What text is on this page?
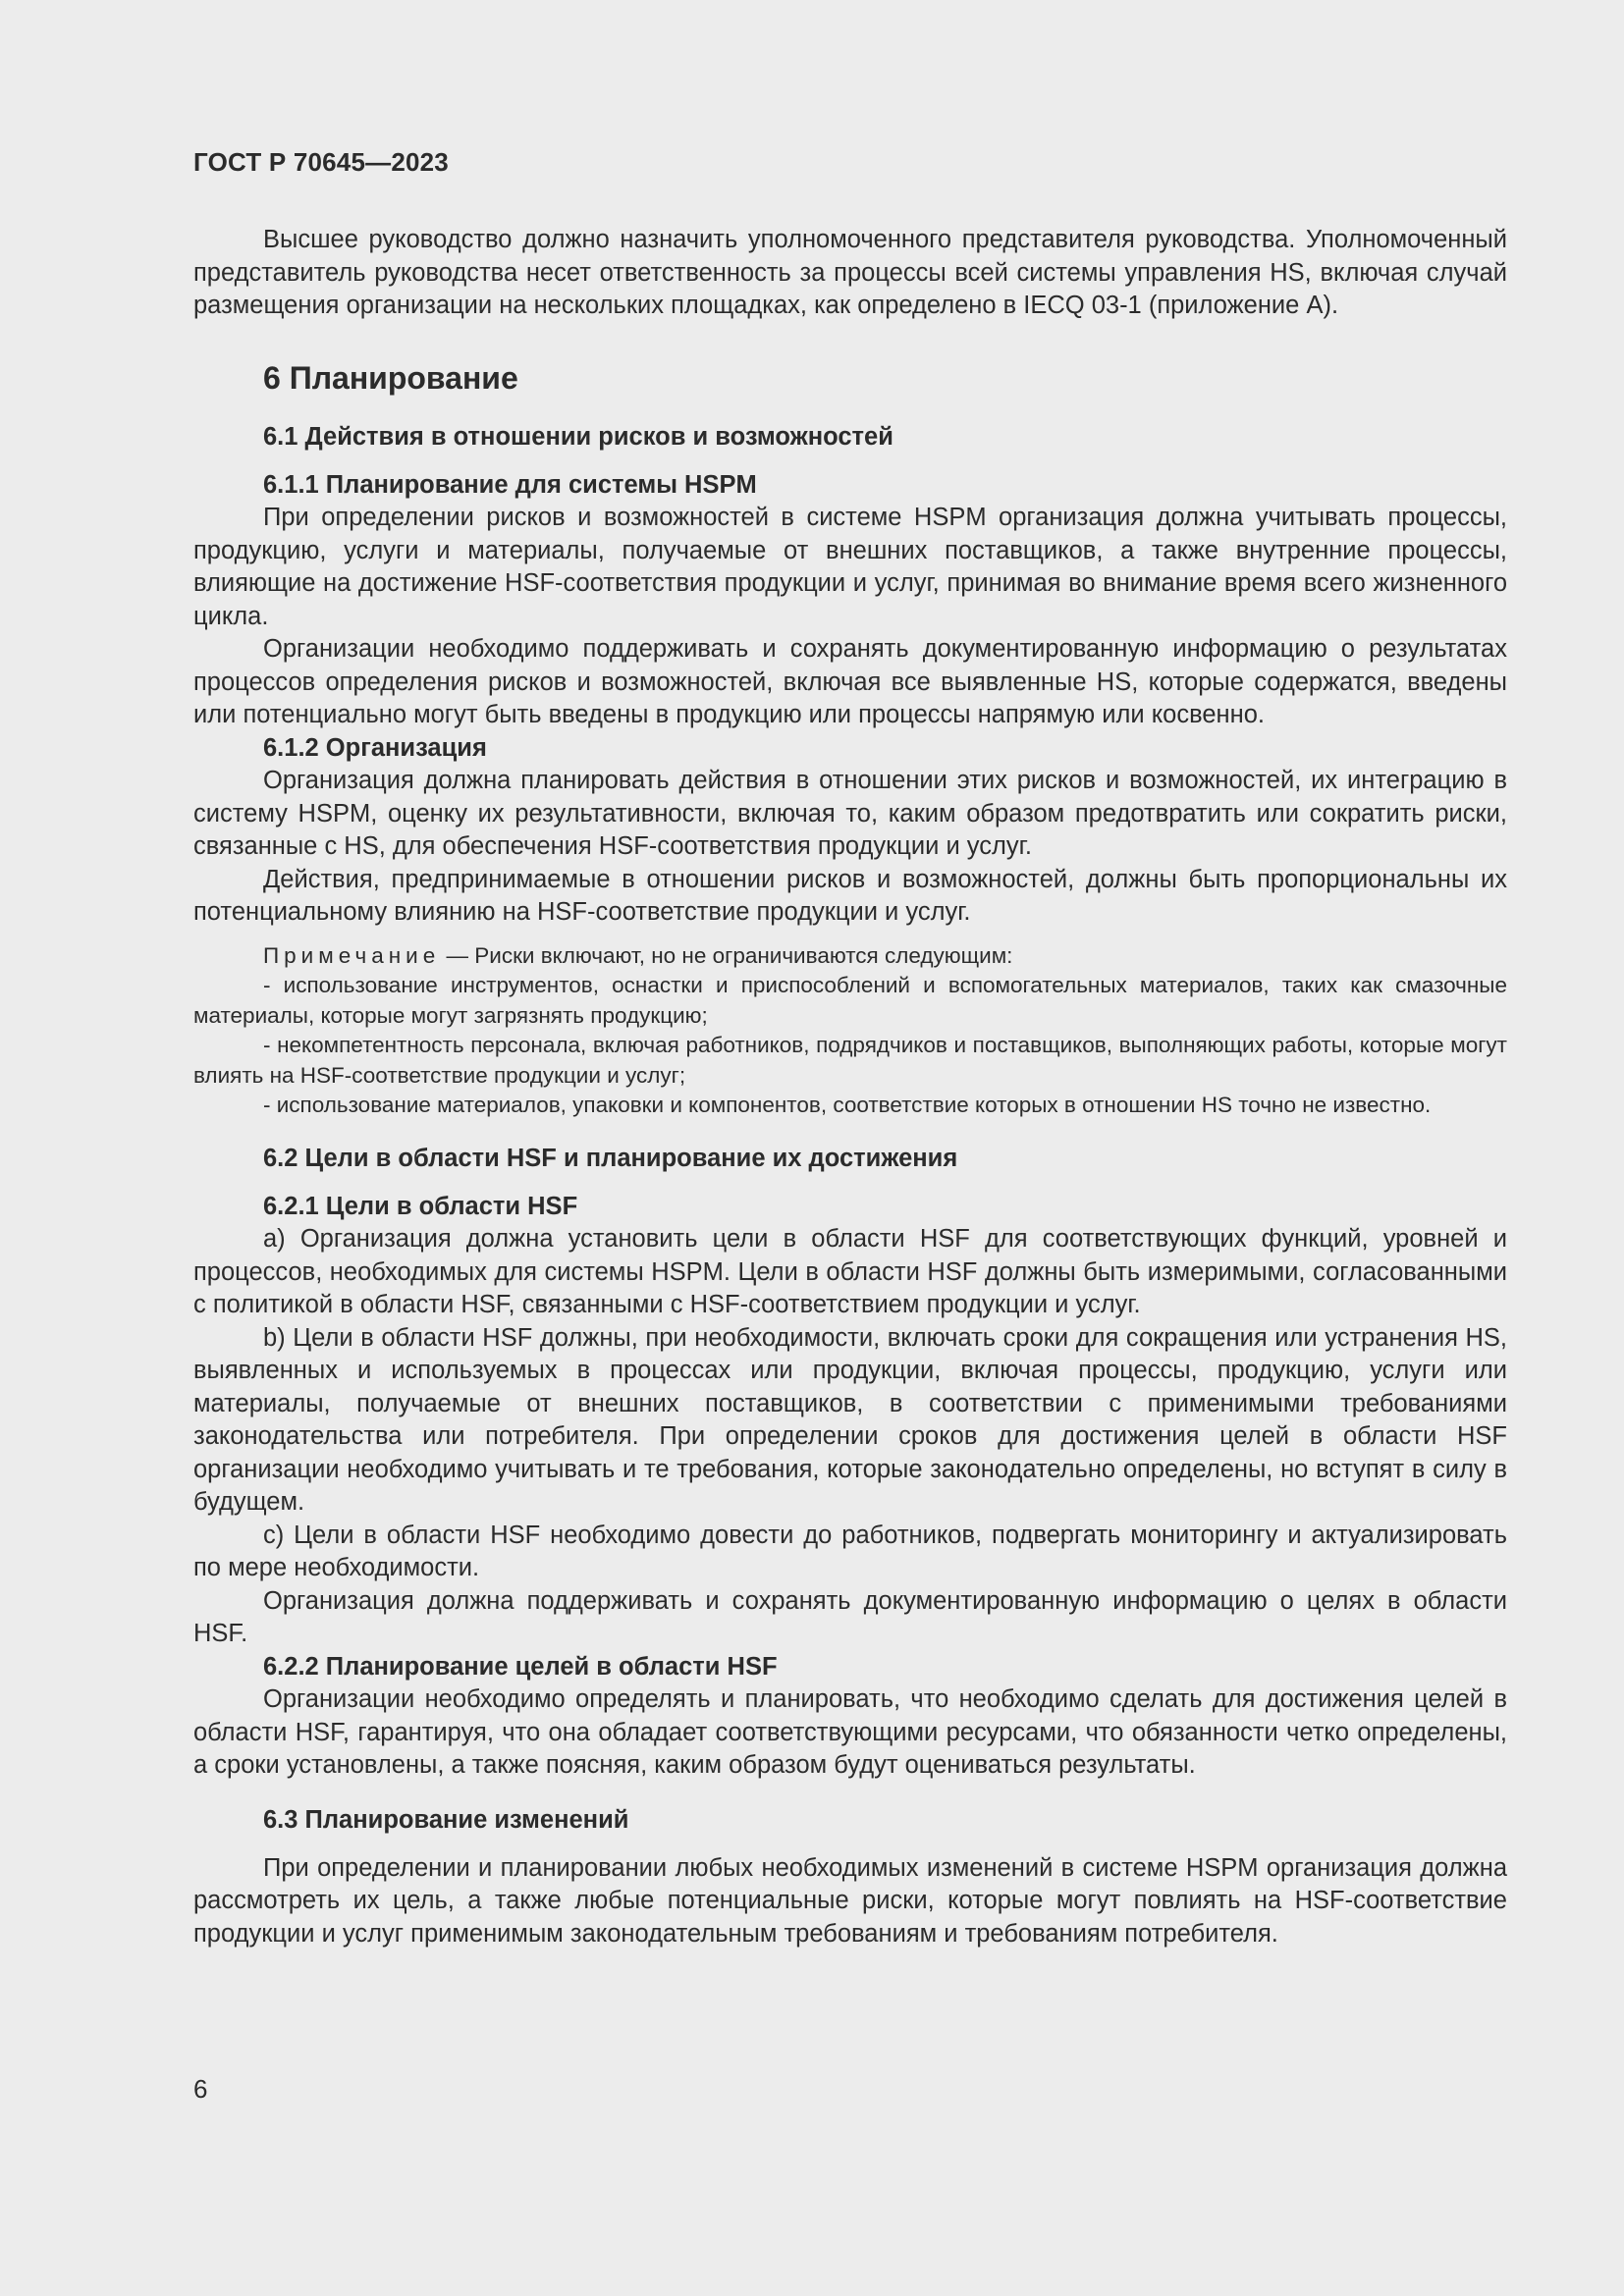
ГОСТ Р 70645—2023

Высшее руководство должно назначить уполномоченного представителя руководства. Уполномоченный представитель руководства несет ответственность за процессы всей системы управления HS, включая случай размещения организации на нескольких площадках, как определено в IECQ 03-1 (приложение A).

6 Планирование
6.1 Действия в отношении рисков и возможностей
6.1.1 Планирование для системы HSPM

При определении рисков и возможностей в системе HSPM организация должна учитывать процессы, продукцию, услуги и материалы, получаемые от внешних поставщиков, а также внутренние процессы, влияющие на достижение HSF-соответствия продукции и услуг, принимая во внимание время всего жизненного цикла.

Организации необходимо поддерживать и сохранять документированную информацию о результатах процессов определения рисков и возможностей, включая все выявленные HS, которые содержатся, введены или потенциально могут быть введены в продукцию или процессы напрямую или косвенно.

6.1.2 Организация

Организация должна планировать действия в отношении этих рисков и возможностей, их интеграцию в систему HSPM, оценку их результативности, включая то, каким образом предотвратить или сократить риски, связанные с HS, для обеспечения HSF-соответствия продукции и услуг.

Действия, предпринимаемые в отношении рисков и возможностей, должны быть пропорциональны их потенциальному влиянию на HSF-соответствие продукции и услуг.

Примечание — Риски включают, но не ограничиваются следующим:

- использование инструментов, оснастки и приспособлений и вспомогательных материалов, таких как смазочные материалы, которые могут загрязнять продукцию;

- некомпетентность персонала, включая работников, подрядчиков и поставщиков, выполняющих работы, которые могут влиять на HSF-соответствие продукции и услуг;

- использование материалов, упаковки и компонентов, соответствие которых в отношении HS точно не известно.

6.2 Цели в области HSF и планирование их достижения
6.2.1 Цели в области HSF

a) Организация должна установить цели в области HSF для соответствующих функций, уровней и процессов, необходимых для системы HSPM. Цели в области HSF должны быть измеримыми, согласованными с политикой в области HSF, связанными с HSF-соответствием продукции и услуг.

b) Цели в области HSF должны, при необходимости, включать сроки для сокращения или устранения HS, выявленных и используемых в процессах или продукции, включая процессы, продукцию, услуги или материалы, получаемые от внешних поставщиков, в соответствии с применимыми требованиями законодательства или потребителя. При определении сроков для достижения целей в области HSF организации необходимо учитывать и те требования, которые законодательно определены, но вступят в силу в будущем.

c) Цели в области HSF необходимо довести до работников, подвергать мониторингу и актуализировать по мере необходимости.

Организация должна поддерживать и сохранять документированную информацию о целях в области HSF.

6.2.2 Планирование целей в области HSF

Организации необходимо определять и планировать, что необходимо сделать для достижения целей в области HSF, гарантируя, что она обладает соответствующими ресурсами, что обязанности четко определены, а сроки установлены, а также поясняя, каким образом будут оцениваться результаты.

6.3 Планирование изменений

При определении и планировании любых необходимых изменений в системе HSPM организация должна рассмотреть их цель, а также любые потенциальные риски, которые могут повлиять на HSF-соответствие продукции и услуг применимым законодательным требованиям и требованиям потребителя.

6
